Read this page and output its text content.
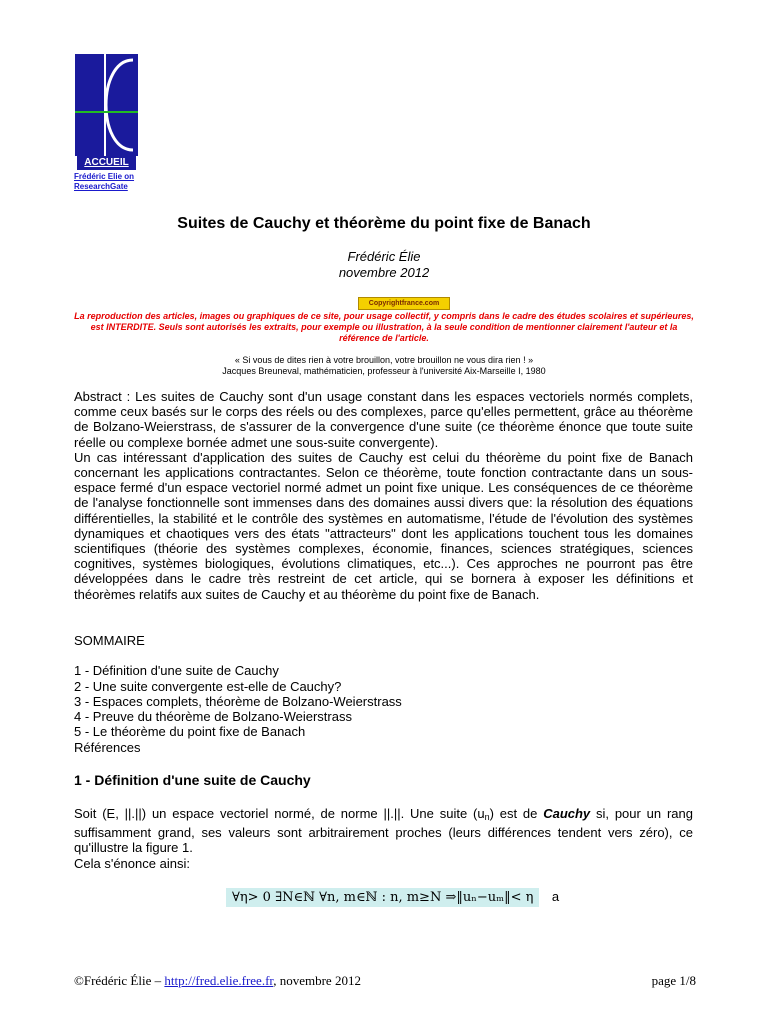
ACCUEIL
Frédéric Elie on ResearchGate
Suites de Cauchy et théorème du point fixe de Banach
Frédéric Élie
novembre 2012
Copyrightfrance.com
La reproduction des articles, images ou graphiques de ce site, pour usage collectif, y compris dans le cadre des études scolaires et supérieures, est INTERDITE. Seuls sont autorisés les extraits, pour exemple ou illustration, à la seule condition de mentionner clairement l'auteur et la référence de l'article.
« Si vous de dites rien à votre brouillon, votre brouillon ne vous dira rien ! »
Jacques Breuneval, mathématicien, professeur à l'université Aix-Marseille I, 1980
Abstract : Les suites de Cauchy sont d'un usage constant dans les espaces vectoriels normés complets, comme ceux basés sur le corps des réels ou des complexes, parce qu'elles permettent, grâce au théorème de Bolzano-Weierstrass, de s'assurer de la convergence d'une suite (ce théorème énonce que toute suite réelle ou complexe bornée admet une sous-suite convergente).
Un cas intéressant d'application des suites de Cauchy est celui du théorème du point fixe de Banach concernant les applications contractantes. Selon ce théorème, toute fonction contractante dans un sous-espace fermé d'un espace vectoriel normé admet un point fixe unique. Les conséquences de ce théorème de l'analyse fonctionnelle sont immenses dans des domaines aussi divers que: la résolution des équations différentielles, la stabilité et le contrôle des systèmes en automatisme, l'étude de l'évolution des systèmes dynamiques et chaotiques vers des états "attracteurs" dont les applications touchent tous les domaines scientifiques (théorie des systèmes complexes, économie, finances, sciences stratégiques, sciences cognitives, systèmes biologiques, évolutions climatiques, etc...). Ces approches ne pourront pas être développées dans le cadre très restreint de cet article, qui se bornera à exposer les définitions et théorèmes relatifs aux suites de Cauchy et au théorème du point fixe de Banach.
SOMMAIRE
1 - Définition d'une suite de Cauchy
2 - Une suite convergente est-elle de Cauchy?
3 - Espaces complets, théorème de Bolzano-Weierstrass
4 - Preuve du théorème de Bolzano-Weierstrass
5 - Le théorème du point fixe de Banach
Références
1 - Définition d'une suite de Cauchy
Soit (E, ||.||) un espace vectoriel normé, de norme ||.||. Une suite $(u_n)$ est de Cauchy si, pour un rang suffisamment grand, ses valeurs sont arbitrairement proches (leurs différences tendent vers zéro), ce qu'illustre la figure 1.
Cela s'énonce ainsi:
∀η> 0 ∃N∈ℕ ∀n, m∈ℕ : n, m≥N ⇒‖uₙ−uₘ‖< η a
©Frédéric Élie – http://fred.elie.free.fr, novembre 2012	page 1/8
